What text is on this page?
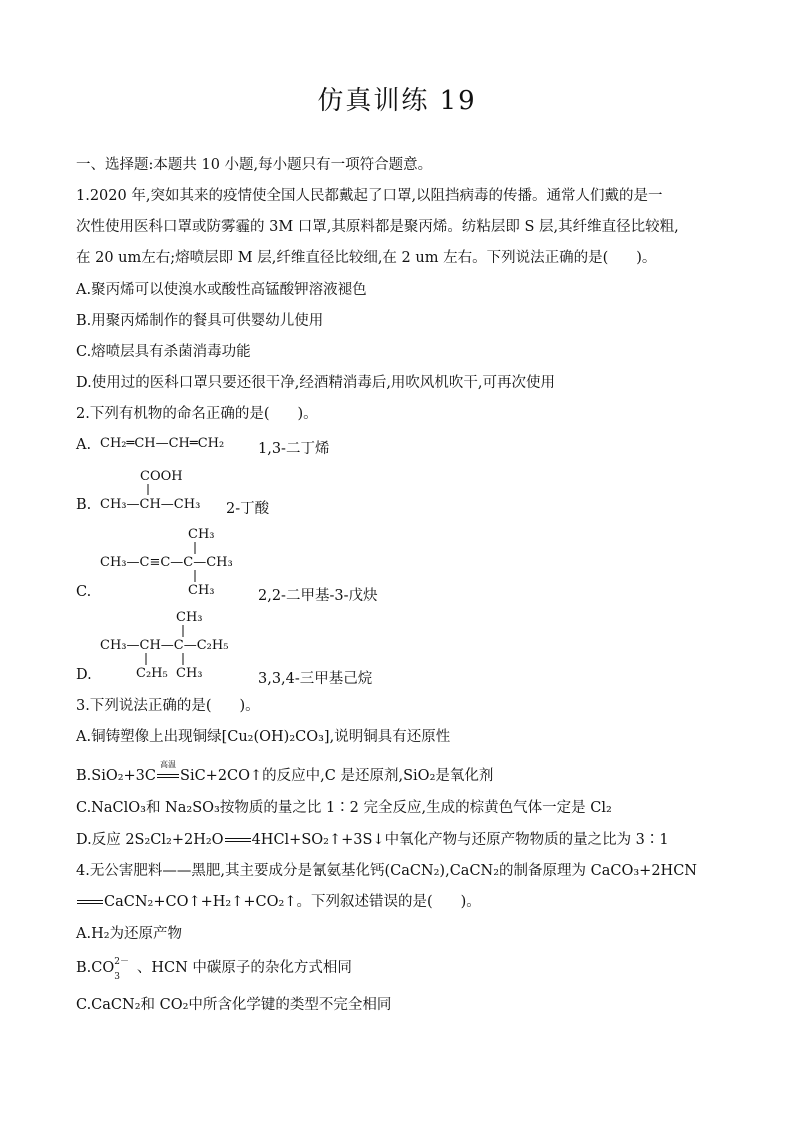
仿真训练 19
一、选择题:本题共 10 小题,每小题只有一项符合题意。
1.2020 年,突如其来的疫情使全国人民都戴起了口罩,以阻挡病毒的传播。通常人们戴的是一
次性使用医科口罩或防雾霾的 3M 口罩,其原料都是聚丙烯。纺粘层即 S 层,其纤维直径比较粗,
在 20 um左右;熔喷层即 M 层,纤维直径比较细,在 2 um 左右。下列说法正确的是( )。
A.聚丙烯可以使溴水或酸性高锰酸钾溶液褪色
B.用聚丙烯制作的餐具可供婴幼儿使用
C.熔喷层具有杀菌消毒功能
D.使用过的医科口罩只要还很干净,经酒精消毒后,用吹风机吹干,可再次使用
2.下列有机物的命名正确的是( )。
A. CH₂═CH—CH═CH₂ 1,3-二丁烯
B.
COOH
CH₃—CH—CH₃ 2-丁酸
C.
CH₃
CH₃—C≡C—C—CH₃
CH₃	2,2-二甲基-3-戊炔
D.
CH₃
CH₃—CH—C—C₂H₅
C₂H₅ CH₃	3,3,4-三甲基己烷
3.下列说法正确的是( )。
A.铜铸塑像上出现铜绿[Cu₂(OH)₂CO₃],说明铜具有还原性
B.SiO₂+3C
高温
SiC+2CO↑的反应中,C 是还原剂,SiO₂是氧化剂
C.NaClO₃和 Na₂SO₃按物质的量之比 1∶2 完全反应,生成的棕黄色气体一定是 Cl₂
D.反应 2S₂Cl₂+2H₂O 4HCl+SO₂↑+3S↓中氧化产物与还原产物物质的量之比为 3∶1
4.无公害肥料——黑肥,其主要成分是氰氨基化钙(CaCN₂),CaCN₂的制备原理为 CaCO₃+2HCN
CaCN₂+CO↑+H₂↑+CO₂↑。下列叙述错误的是( )。
A.H₂为还原产物
B.CO 2－
3
、HCN 中碳原子的杂化方式相同
C.CaCN₂和 CO₂中所含化学键的类型不完全相同
